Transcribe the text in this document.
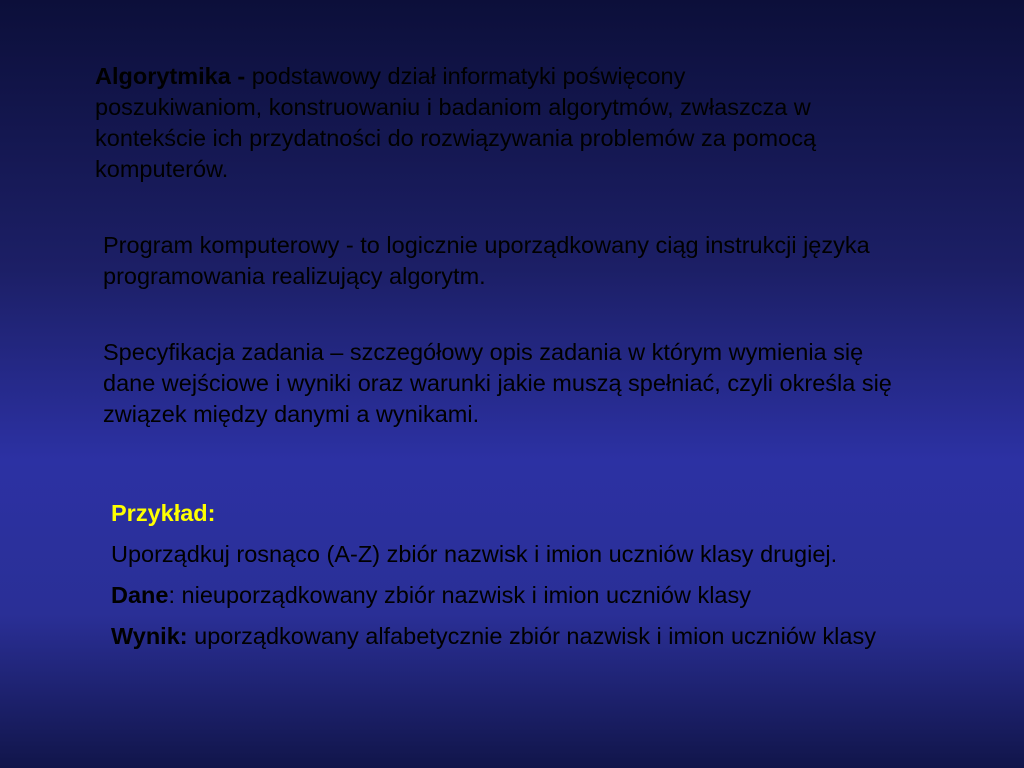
Algorytmika - podstawowy dział informatyki poświęcony poszukiwaniom, konstruowaniu i badaniom algorytmów, zwłaszcza w kontekście ich przydatności do rozwiązywania problemów za pomocą komputerów.

Program komputerowy - to logicznie uporządkowany ciąg instrukcji języka programowania realizujący algorytm.

Specyfikacja zadania – szczegółowy opis zadania w którym wymienia się dane wejściowe i wyniki oraz warunki jakie muszą spełniać, czyli określa się związek między danymi a wynikami.

Przykład:

Uporządkuj rosnąco (A-Z) zbiór nazwisk i imion uczniów klasy drugiej.

Dane: nieuporządkowany zbiór nazwisk i imion uczniów klasy

Wynik: uporządkowany alfabetycznie zbiór nazwisk i imion uczniów klasy
